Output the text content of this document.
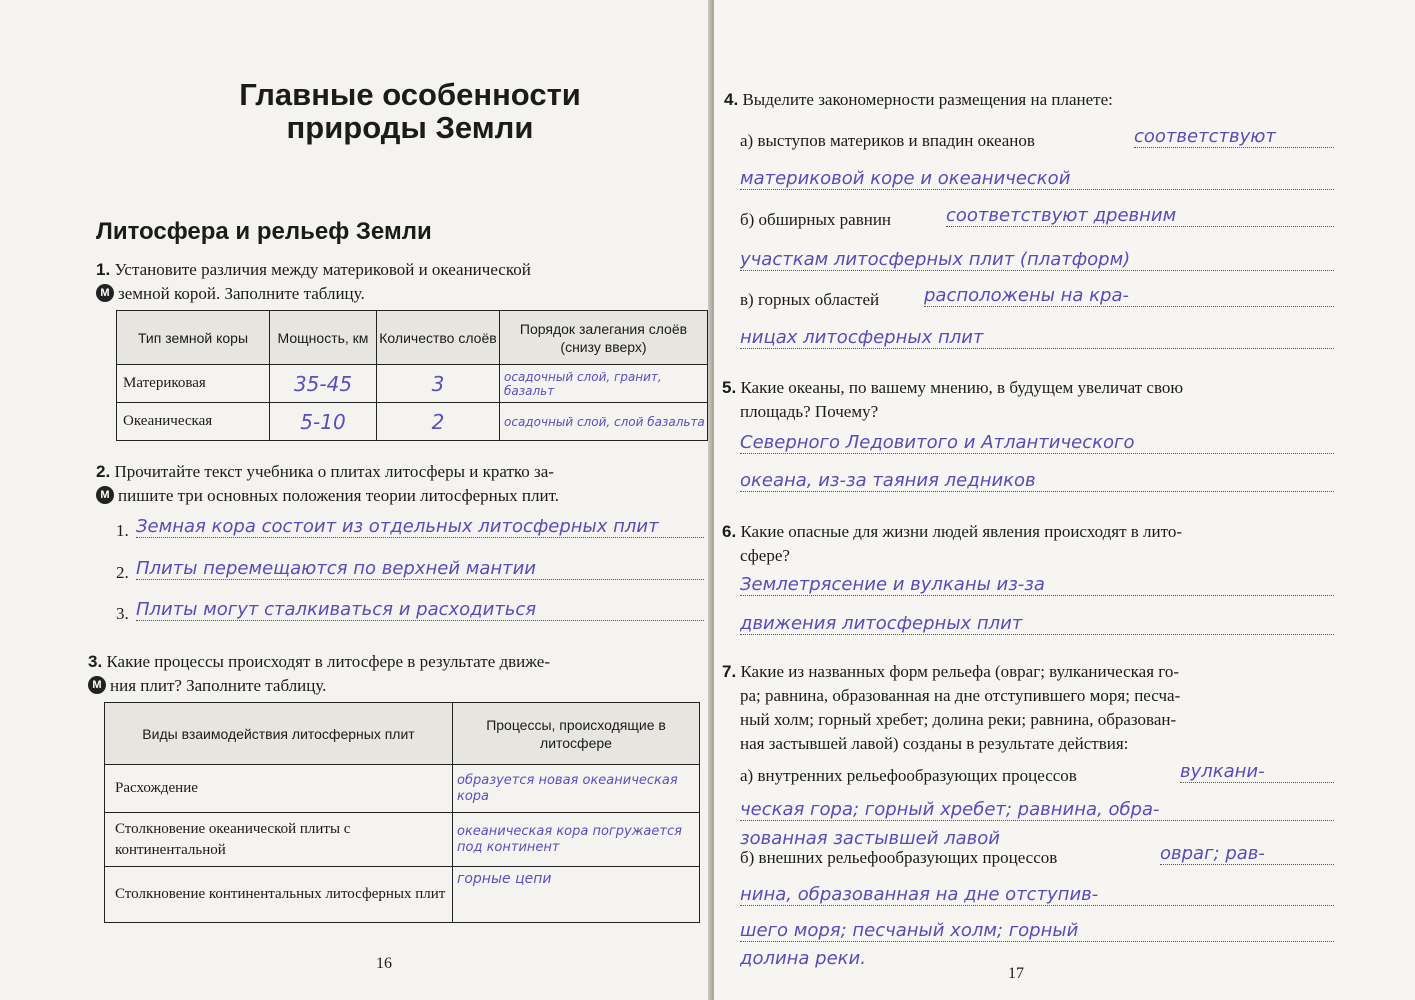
Главные особенности
природы Земли
Литосфера и рельеф Земли
1. Установите различия между материковой и океанической
земной корой. Заполните таблицу.
M
Тип земной коры	Мощность, км	Количество слоёв	Порядок залегания слоёв (снизу вверх)
Материковая	35-45	3	осадочный слой, гранит, базальт
Океаническая	5-10	2	осадочный слой, слой базальта
2. Прочитайте текст учебника о плитах литосферы и кратко за-
пишите три основных положения теории литосферных плит.
M
1. Земная кора состоит из отдельных литосферных плит
2. Плиты перемещаются по верхней мантии
3. Плиты могут сталкиваться и расходиться
3. Какие процессы происходят в литосфере в результате движе-
ния плит? Заполните таблицу.
M
Виды взаимодействия литосферных плит	Процессы, происходящие в литосфере
Расхождение	образуется новая океаническая кора
Столкновение океанической плиты с континентальной	океаническая кора погружается под континент
Столкновение континентальных литосферных плит	горные цепи
16
4. Выделите закономерности размещения на планете:
а) выступов материков и впадин океанов	соответствуют
материковой коре и океанической
б) обширных равнин	соответствуют древним
участкам литосферных плит (платформ)
в) горных областей расположены на кра-
ницах литосферных плит
5. Какие океаны, по вашему мнению, в будущем увеличат свою
площадь? Почему?
Северного Ледовитого и Атлантического
океана, из-за таяния ледников
6. Какие опасные для жизни людей явления происходят в лито-
сфере?
Землетрясение и вулканы из-за
движения литосферных плит
7. Какие из названных форм рельефа (овраг; вулканическая го-
ра; равнина, образованная на дне отступившего моря; песча-
ный холм; горный хребет; долина реки; равнина, образован-
ная застывшей лавой) созданы в результате действия:
а) внутренних рельефообразующих процессов	вулкани-
ческая гора; горный хребет; равнина, обра-
зованная застывшей лавой
б) внешних рельефообразующих процессов	овраг; рав-
нина, образованная на дне отступив-
шего моря; песчаный холм; горный
долина реки.
17
